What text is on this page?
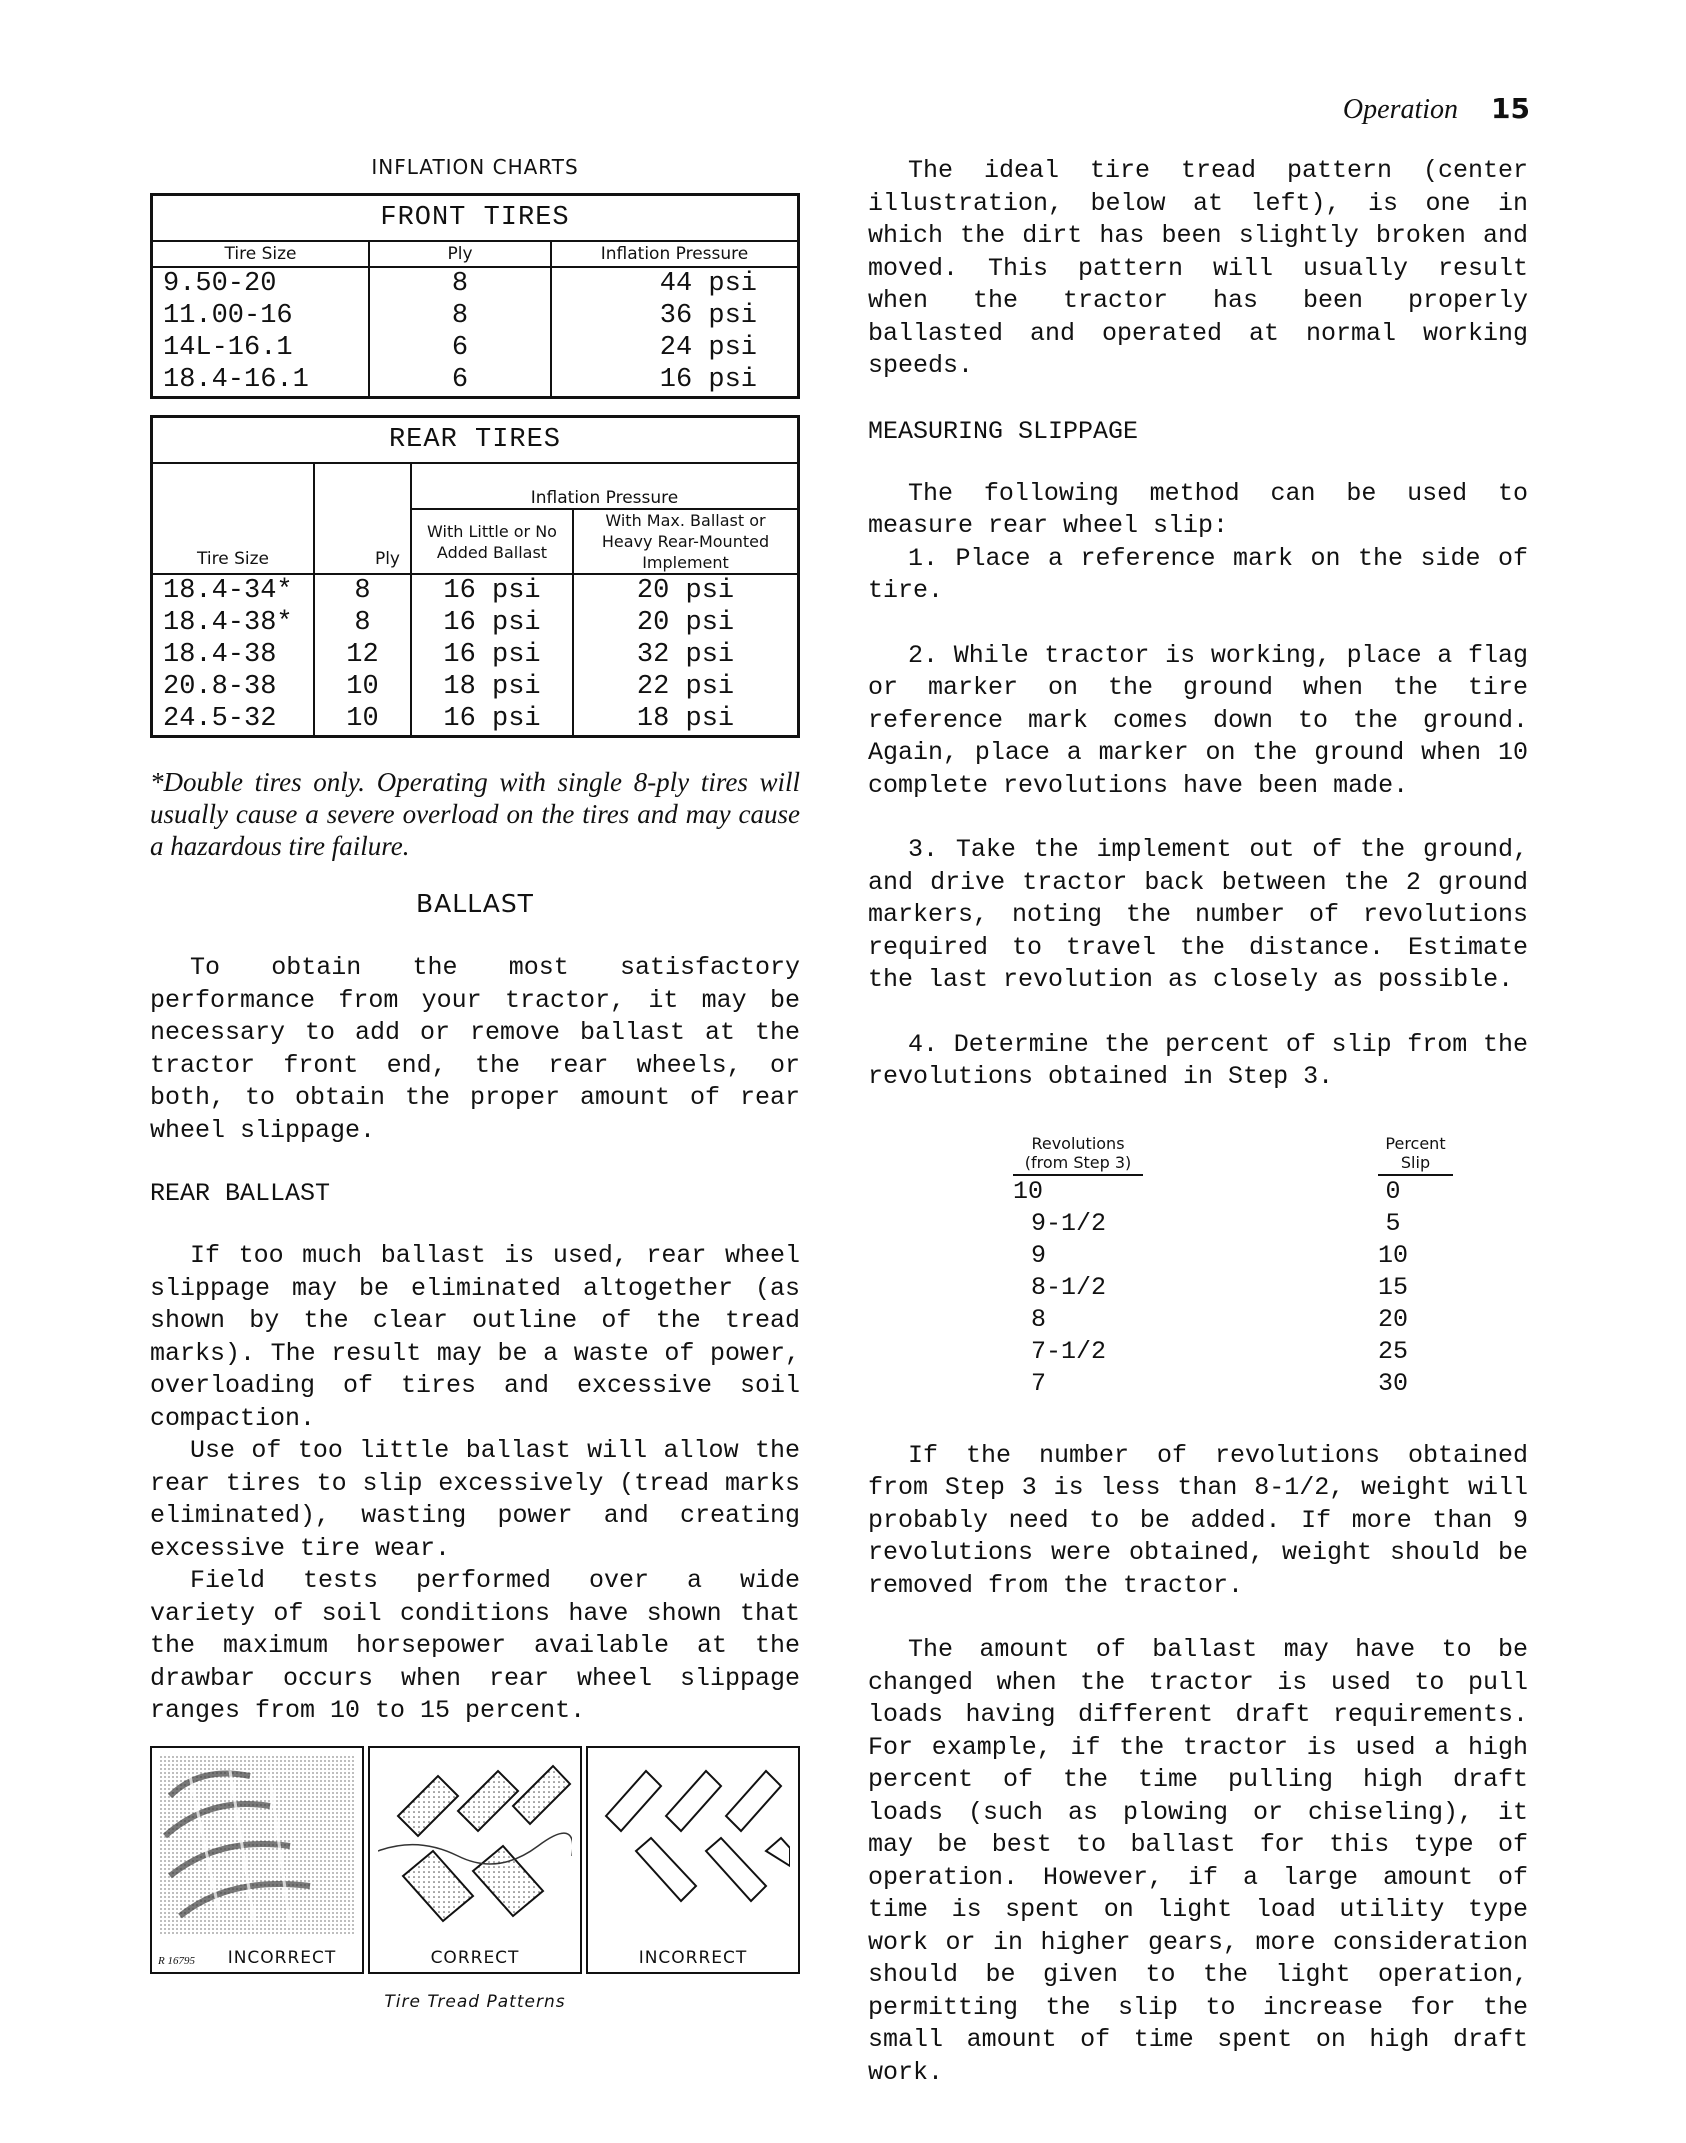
Operation 15
INFLATION CHARTS
FRONT TIRES		
Tire Size	Ply	Inflation Pressure
9.50-20	8	44 psi
11.00-16	8	36 psi
14L-16.1	6	24 psi
18.4-16.1	6	16 psi
REAR TIRES			
Tire Size	Ply	Inflation Pressure	
		With Little or No Added Ballast	With Max. Ballast or Heavy Rear-Mounted Implement
18.4-34*	8	16 psi	20 psi
18.4-38*	8	16 psi	20 psi
18.4-38	12	16 psi	32 psi
20.8-38	10	18 psi	22 psi
24.5-32	10	16 psi	18 psi

*Double tires only. Operating with single 8-ply tires will usually cause a severe overload on the tires and may cause a hazardous tire failure.

BALLAST

To obtain the most satisfactory performance from your tractor, it may be necessary to add or remove ballast at the tractor front end, the rear wheels, or both, to obtain the proper amount of rear wheel slippage.

REAR BALLAST

If too much ballast is used, rear wheel slippage may be eliminated altogether (as shown by the clear outline of the tread marks). The result may be a waste of power, overloading of tires and excessive soil compaction.

Use of too little ballast will allow the rear tires to slip excessively (tread marks eliminated), wasting power and creating excessive tire wear.

Field tests performed over a wide variety of soil conditions have shown that the maximum horsepower available at the drawbar occurs when rear wheel slippage ranges from 10 to 15 percent.

R 16795	INCORRECT	CORRECT	INCORRECT
Tire Tread Patterns

The ideal tire tread pattern (center illustration, below at left), is one in which the dirt has been slightly broken and moved. This pattern will usually result when the tractor has been properly ballasted and operated at normal working speeds.

MEASURING SLIPPAGE

The following method can be used to measure rear wheel slip:

1. Place a reference mark on the side of tire.

2. While tractor is working, place a flag or marker on the ground when the tire reference mark comes down to the ground. Again, place a marker on the ground when 10 complete revolutions have been made.

3. Take the implement out of the ground, and drive tractor back between the 2 ground markers, noting the number of revolutions required to travel the distance. Estimate the last revolution as closely as possible.

4. Determine the percent of slip from the revolutions obtained in Step 3.

Revolutions (from Step 3)
Percent Slip
10	0
9-1/2	5
9	10
8-1/2	15
8	20
7-1/2	25
7	30

If the number of revolutions obtained from Step 3 is less than 8-1/2, weight will probably need to be added. If more than 9 revolutions were obtained, weight should be removed from the tractor.

The amount of ballast may have to be changed when the tractor is used to pull loads having different draft requirements. For example, if the tractor is used a high percent of the time pulling high draft loads (such as plowing or chiseling), it may be best to ballast for this type of operation. However, if a large amount of time is spent on light load utility type work or in higher gears, more consideration should be given to the light operation, permitting the slip to increase for the small amount of time spent on high draft work.
